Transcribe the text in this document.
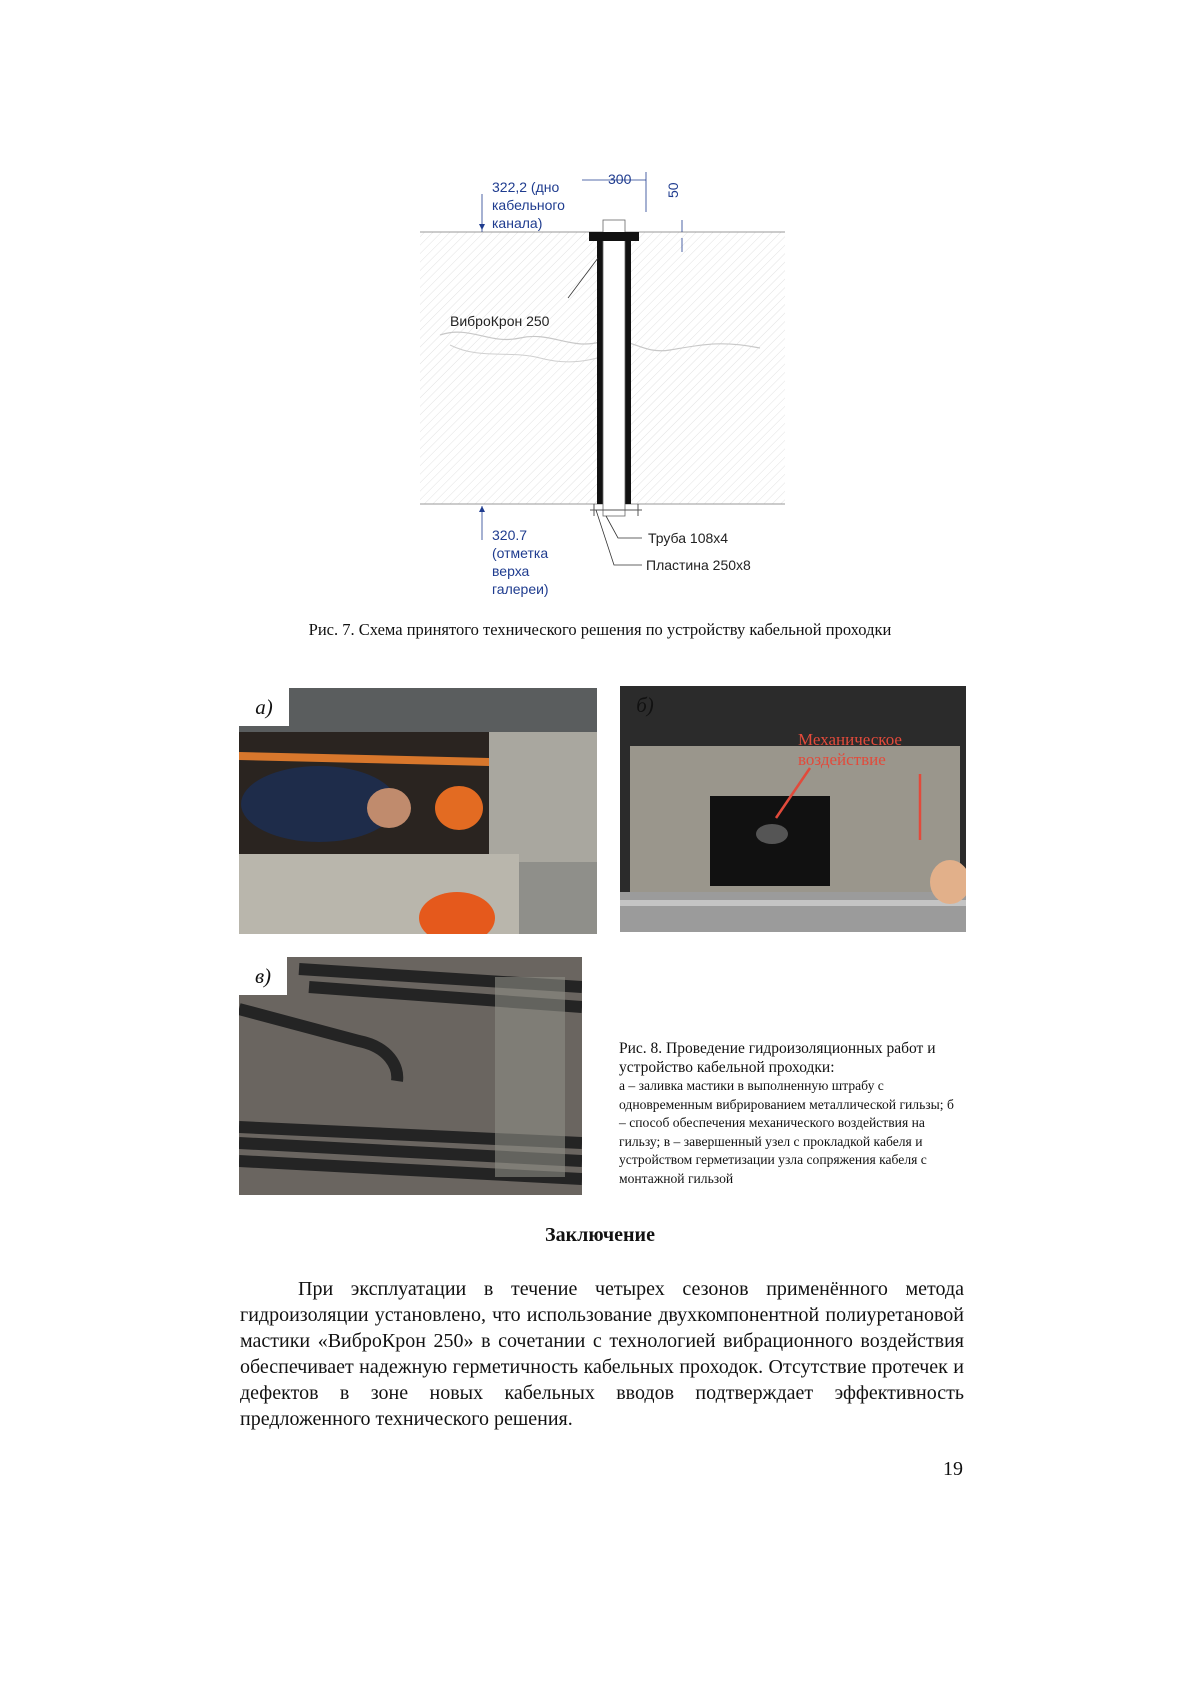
322,2 (дно кабельного канала)
300
50
ВиброКрон 250
320.7 (отметка верха галереи)
Труба 108х4
Пластина 250х8
Рис. 7. Схема принятого технического решения по устройству кабельной проходки
а)	б)
Механическое воздействие
в)
Рис. 8. Проведение гидроизоляционных работ и устройство кабельной проходки:
а – заливка мастики в выполненную штрабу с одновременным вибрированием металлической гильзы; б – способ обеспечения механического воздействия на гильзу; в – завершенный узел с прокладкой кабеля и устройством герметизации узла сопряжения кабеля с монтажной гильзой
Заключение
При эксплуатации в течение четырех сезонов применённого метода гидроизоляции установлено, что использование двухкомпонентной полиуретановой мастики «ВиброКрон 250» в сочетании с технологией вибрационного воздействия обеспечивает надежную герметичность кабельных проходок. Отсутствие протечек и дефектов в зоне новых кабельных вводов подтверждает эффективность предложенного технического решения.
19
